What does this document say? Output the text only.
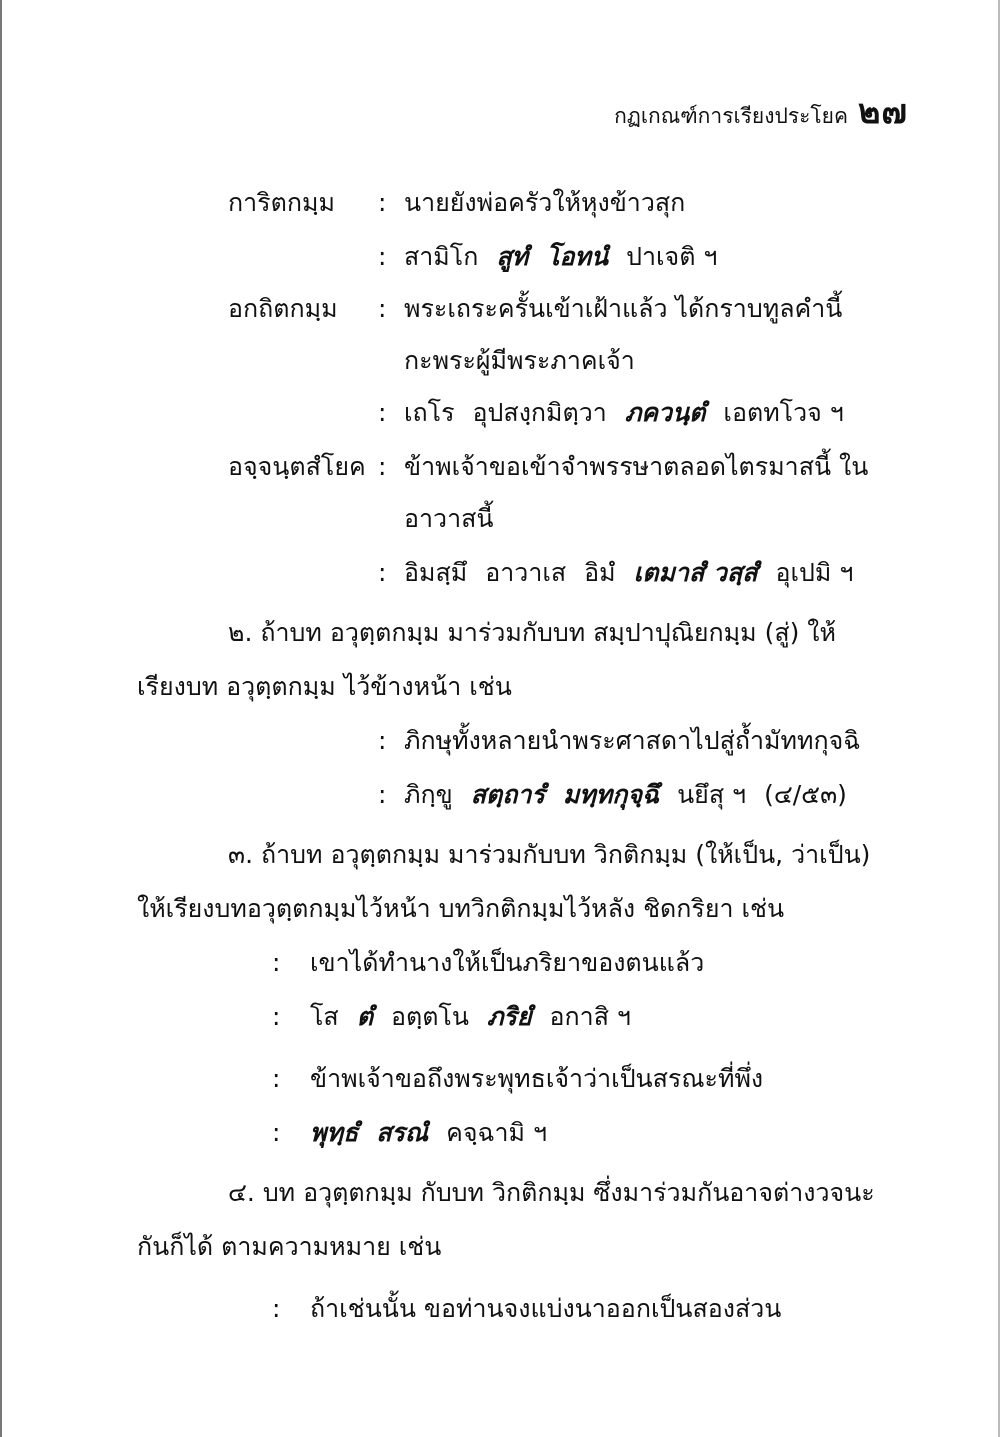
กฏเกณฑ์การเรียงประโยค ๒๗
การิตกมฺม : นายยังพ่อครัวให้หุงข้าวสุก
: สามิโก สูทํ โอทนํ ปาเจติ ฯ
อกถิตกมฺม : พระเถระครั้นเข้าเฝ้าแล้ว ได้กราบทูลคำนี้
กะพระผู้มีพระภาคเจ้า
: เถโร อุปสงฺกมิตฺวา ภควนฺตํ เอตทโวจ ฯ
อจฺจนฺตสํโยค : ข้าพเจ้าขอเข้าจำพรรษาตลอดไตรมาสนี้ ใน
อาวาสนี้
: อิมสฺมึ อาวาเส อิมํ เตมาสํ วสฺสํ อุเปมิ ฯ
๒. ถ้าบท อวุตฺตกมฺม มาร่วมกับบท สมฺปาปุณิยกมฺม (สู่) ให้
เรียงบท อวุตฺตกมฺม ไว้ข้างหน้า เช่น
: ภิกษุทั้งหลายนำพระศาสดาไปสู่ถ้ำมัททกุจฉิ
: ภิกฺขู สตฺถารํ มทฺทกุจฺฉึ นยึสุ ฯ (๔/๕๓)
๓. ถ้าบท อวุตฺตกมฺม มาร่วมกับบท วิกติกมฺม (ให้เป็น, ว่าเป็น)
ให้เรียงบทอวุตฺตกมฺมไว้หน้า บทวิกติกมฺมไว้หลัง ชิดกริยา เช่น
: เขาได้ทำนางให้เป็นภริยาของตนแล้ว
: โส ตํ อตฺตโน ภริยํ อกาสิ ฯ
: ข้าพเจ้าขอถึงพระพุทธเจ้าว่าเป็นสรณะที่พึ่ง
: พุทฺธํ สรณํ คจฺฉามิ ฯ
๔. บท อวุตฺตกมฺม กับบท วิกติกมฺม ซึ่งมาร่วมกันอาจต่างวจนะ
กันก็ได้ ตามความหมาย เช่น
: ถ้าเช่นนั้น ขอท่านจงแบ่งนาออกเป็นสองส่วน
